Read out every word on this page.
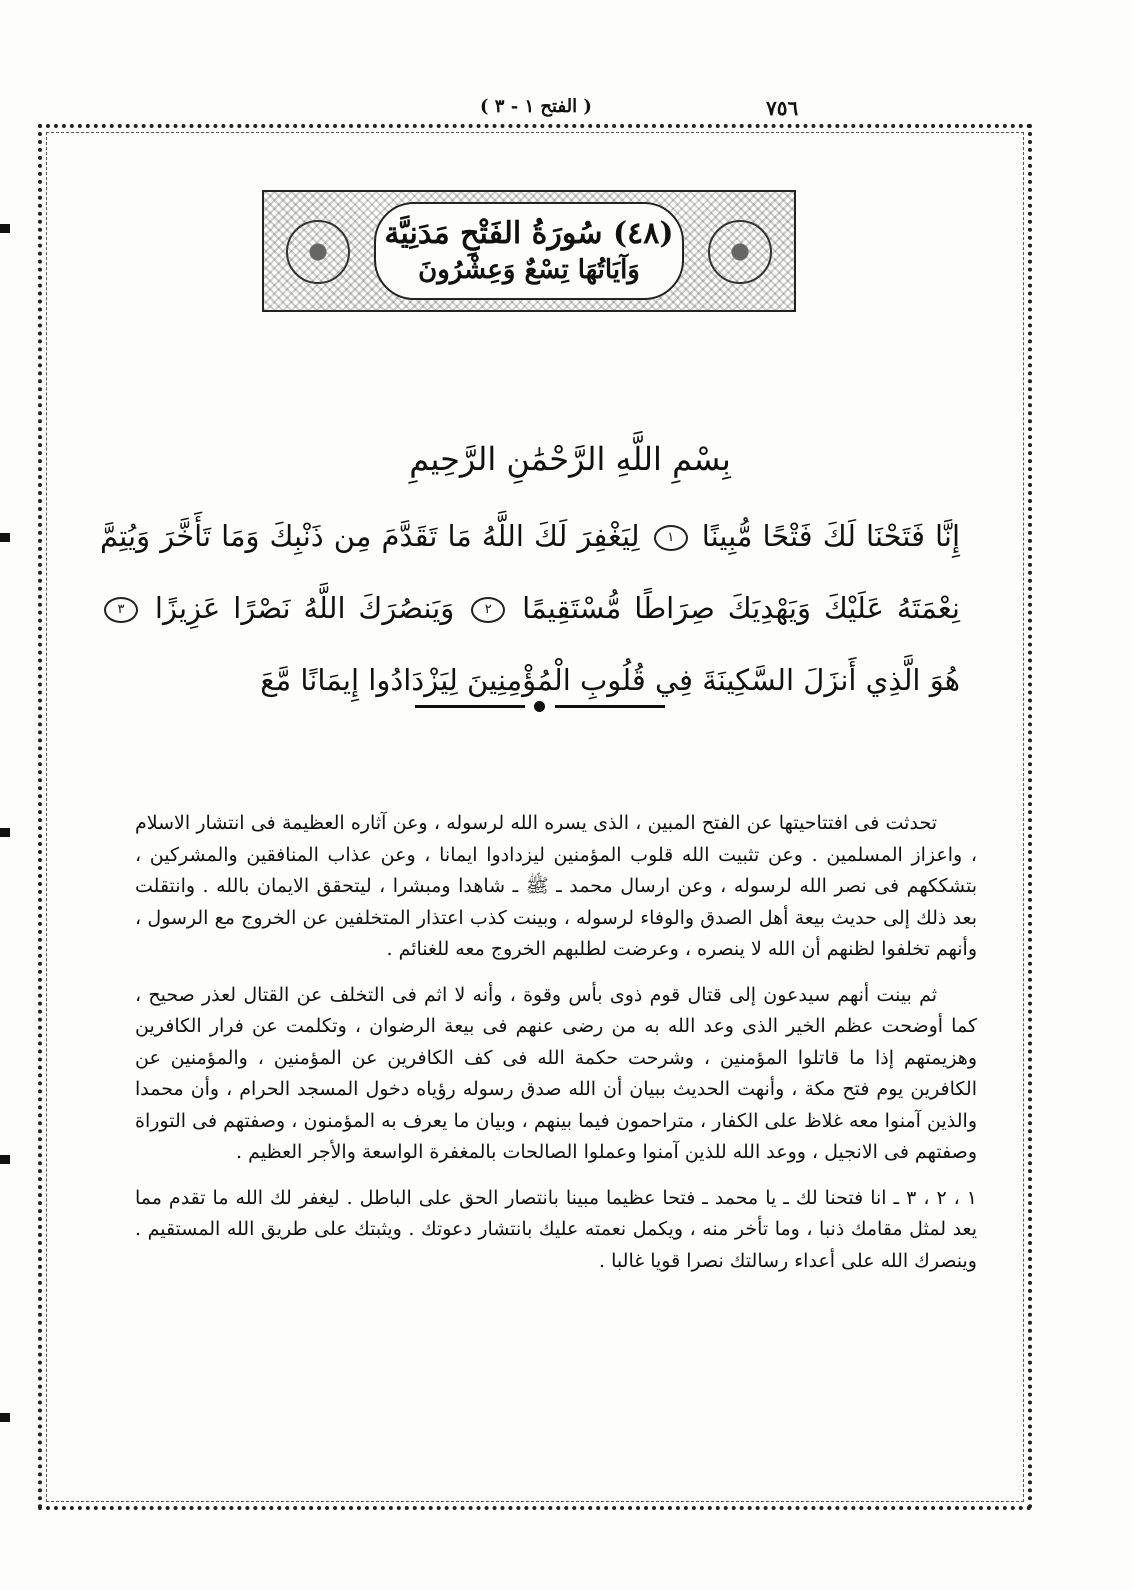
٧٥٦
( الفتح ١ - ٣ )
(٤٨) سُورَةُ الفَتْحِ مَدَنِيَّة
وَآيَاتُهَا تِسْعٌ وَعِشْرُونَ
بِسْمِ اللَّهِ الرَّحْمَٰنِ الرَّحِيمِ
إِنَّا فَتَحْنَا لَكَ فَتْحًا مُّبِينًا ١ لِيَغْفِرَ لَكَ اللَّهُ مَا تَقَدَّمَ مِن ذَنْبِكَ وَمَا تَأَخَّرَ وَيُتِمَّ نِعْمَتَهُ عَلَيْكَ وَيَهْدِيَكَ صِرَاطًا مُّسْتَقِيمًا ٢ وَيَنصُرَكَ اللَّهُ نَصْرًا عَزِيزًا ٣ هُوَ الَّذِي أَنزَلَ السَّكِينَةَ فِي قُلُوبِ الْمُؤْمِنِينَ لِيَزْدَادُوا إِيمَانًا مَّعَ

تحدثت فى افتتاحيتها عن الفتح المبين ، الذى يسره الله لرسوله ، وعن آثاره العظيمة فى انتشار الاسلام ، واعزاز المسلمين . وعن تثبيت الله قلوب المؤمنين ليزدادوا ايمانا ، وعن عذاب المنافقين والمشركين ، بتشككهم فى نصر الله لرسوله ، وعن ارسال محمد ـ ﷺ ـ شاهدا ومبشرا ، ليتحقق الايمان بالله . وانتقلت بعد ذلك إلى حديث بيعة أهل الصدق والوفاء لرسوله ، وبينت كذب اعتذار المتخلفين عن الخروج مع الرسول ، وأنهم تخلفوا لظنهم أن الله لا ينصره ، وعرضت لطلبهم الخروج معه للغنائم .

ثم بينت أنهم سيدعون إلى قتال قوم ذوى بأس وقوة ، وأنه لا اثم فى التخلف عن القتال لعذر صحيح ، كما أوضحت عظم الخير الذى وعد الله به من رضى عنهم فى بيعة الرضوان ، وتكلمت عن فرار الكافرين وهزيمتهم إذا ما قاتلوا المؤمنين ، وشرحت حكمة الله فى كف الكافرين عن المؤمنين ، والمؤمنين عن الكافرين يوم فتح مكة ، وأنهت الحديث ببيان أن الله صدق رسوله رؤياه دخول المسجد الحرام ، وأن محمدا والذين آمنوا معه غلاظ على الكفار ، متراحمون فيما بينهم ، وبيان ما يعرف به المؤمنون ، وصفتهم فى التوراة وصفتهم فى الانجيل ، ووعد الله للذين آمنوا وعملوا الصالحات بالمغفرة الواسعة والأجر العظيم .

١ ، ٢ ، ٣ ـ انا فتحنا لك ـ يا محمد ـ فتحا عظيما مبينا بانتصار الحق على الباطل . ليغفر لك الله ما تقدم مما يعد لمثل مقامك ذنبا ، وما تأخر منه ، ويكمل نعمته عليك بانتشار دعوتك . ويثبتك على طريق الله المستقيم . وينصرك الله على أعداء رسالتك نصرا قويا غالبا .
